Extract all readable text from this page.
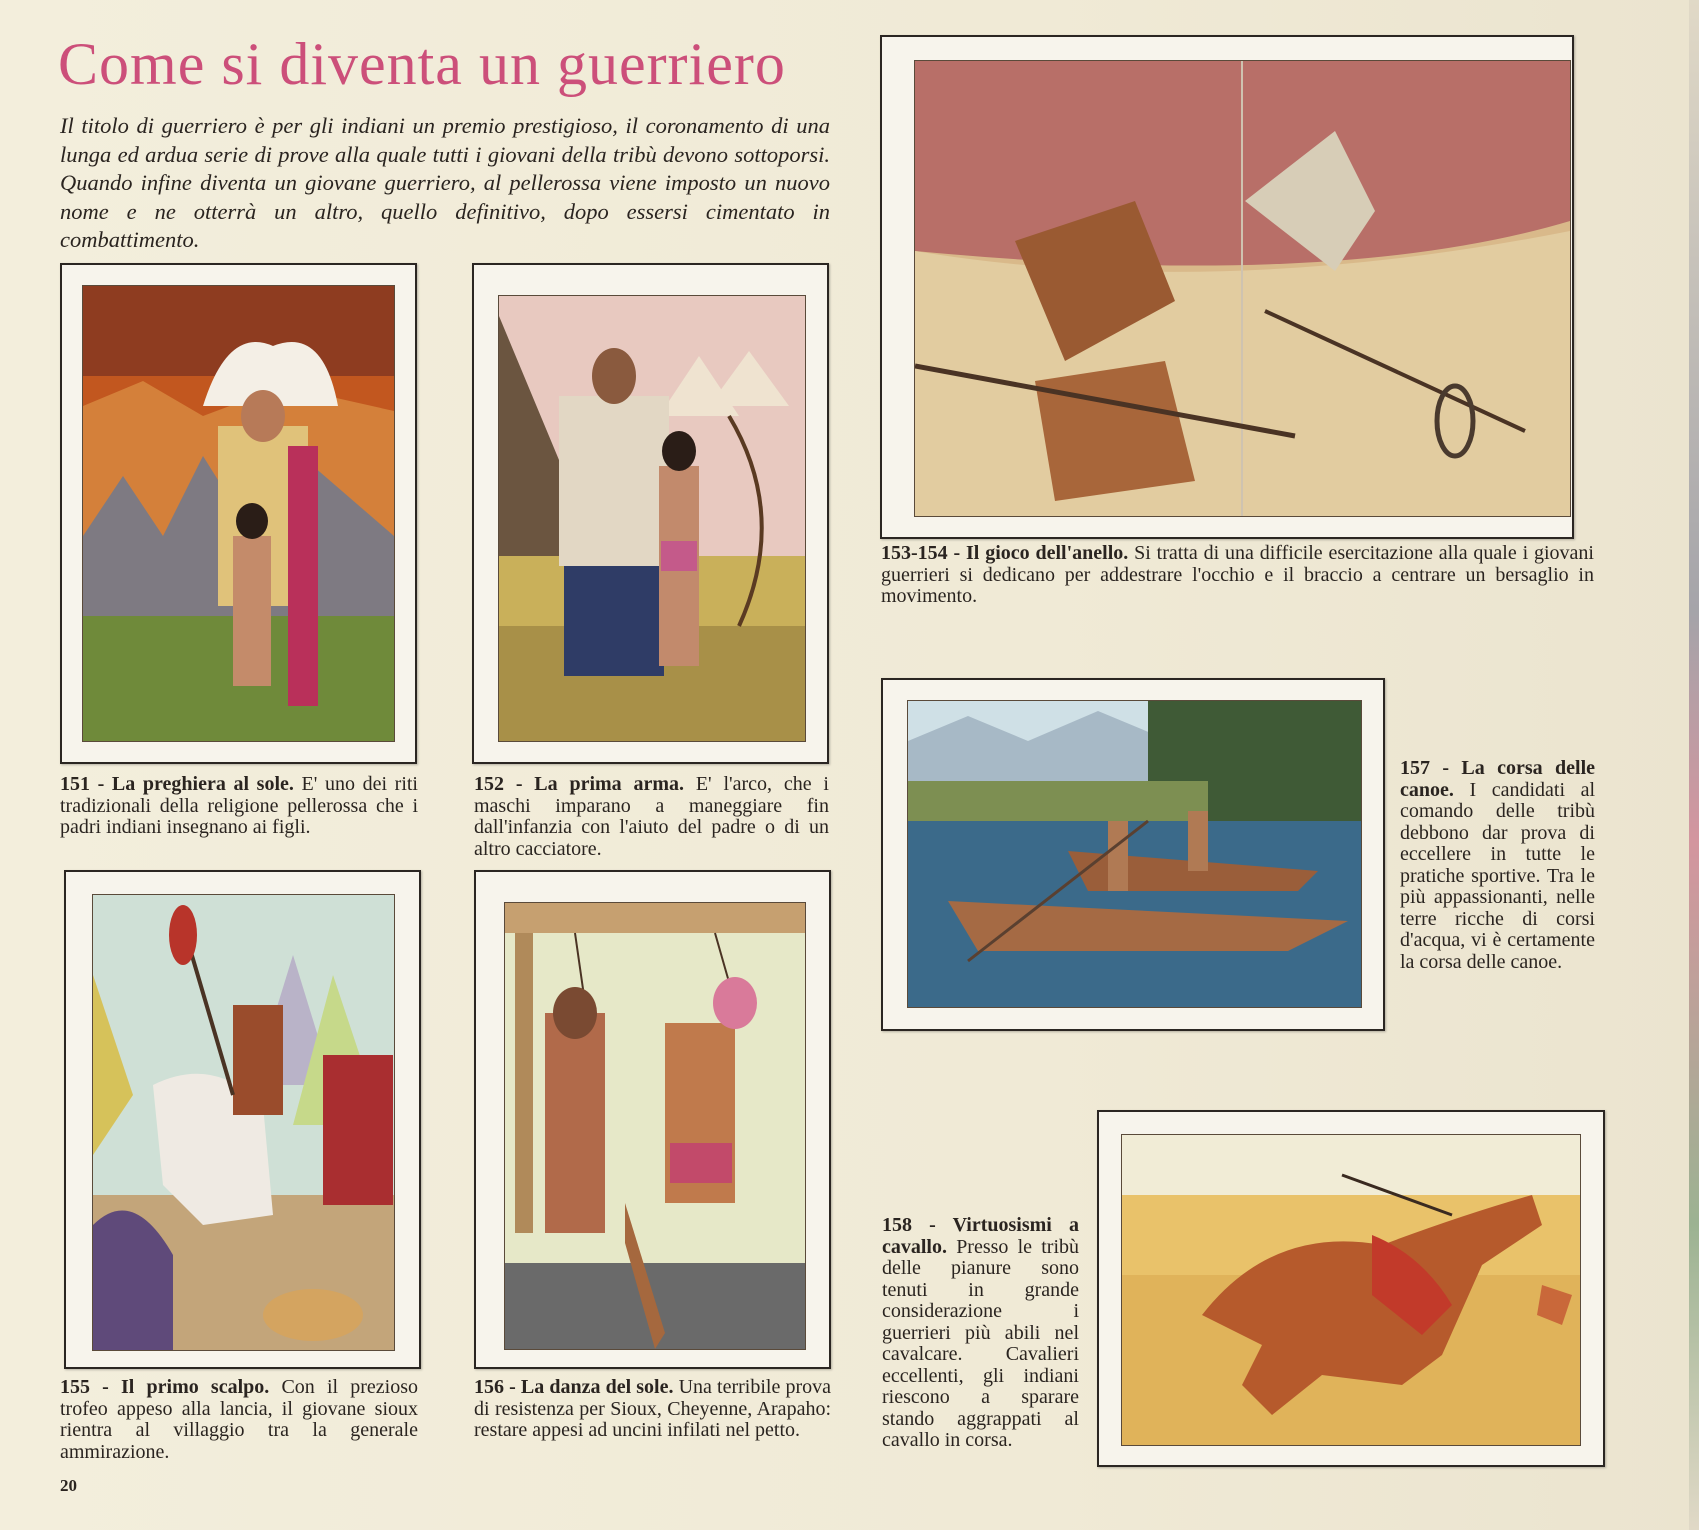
Come si diventa un guerriero
Il titolo di guerriero è per gli indiani un premio prestigioso, il coronamento di una lunga ed ardua serie di prove alla quale tutti i giovani della tribù devono sottoporsi. Quando infine diventa un giovane guerriero, al pellerossa viene imposto un nuovo nome e ne otterrà un altro, quello definitivo, dopo essersi cimentato in combattimento.
151 - La preghiera al sole. E' uno dei riti tradizionali della religione pellerossa che i padri indiani insegnano ai figli.
152 - La prima arma. E' l'arco, che i maschi imparano a maneggiare fin dall'infanzia con l'aiuto del padre o di un altro cacciatore.
153-154 - Il gioco dell'anello. Si tratta di una difficile esercitazione alla quale i giovani guerrieri si dedicano per addestrare l'occhio e il braccio a centrare un bersaglio in movimento.
155 - Il primo scalpo. Con il prezioso trofeo appeso alla lancia, il giovane sioux rientra al villaggio tra la generale ammirazione.
156 - La danza del sole. Una terribile prova di resistenza per Sioux, Cheyenne, Arapaho: restare appesi ad uncini infilati nel petto.
157 - La corsa delle canoe. I candidati al comando delle tribù debbono dar prova di eccellere in tutte le pratiche sportive. Tra le più appassionanti, nelle terre ricche di corsi d'acqua, vi è certamente la corsa delle canoe.
158 - Virtuosismi a cavallo. Presso le tribù delle pianure sono tenuti in grande considerazione i guerrieri più abili nel cavalcare. Cavalieri eccellenti, gli indiani riescono a sparare stando aggrappati al cavallo in corsa.
20
